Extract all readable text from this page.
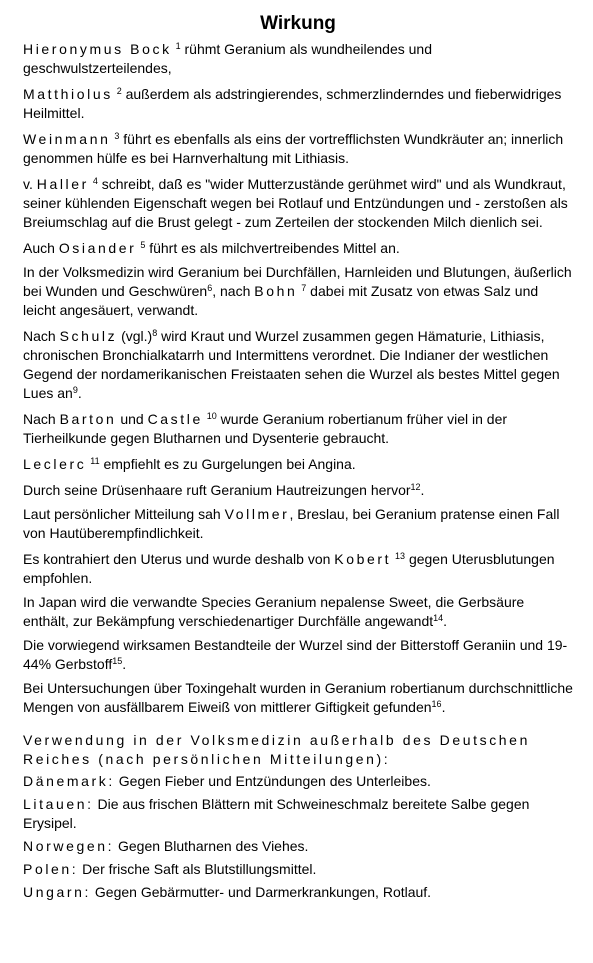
Wirkung

Hieronymus Bock $^1$ rühmt Geranium als wundheilendes und geschwulstzerteilendes,

Matthiolus $^2$ außerdem als adstringierendes, schmerzlinderndes und fieberwidriges Heilmittel.

Weinmann $^3$ führt es ebenfalls als eins der vortrefflichsten Wundkräuter an; innerlich genommen hülfe es bei Harnverhaltung mit Lithiasis.

v. Haller $^4$ schreibt, daß es "wider Mutterzustände gerühmet wird" und als Wundkraut, seiner kühlenden Eigenschaft wegen bei Rotlauf und Entzündungen und - zerstoßen als Breiumschlag auf die Brust gelegt - zum Zerteilen der stockenden Milch dienlich sei.

Auch Osiander $^5$ führt es als milchvertreibendes Mittel an.

In der Volksmedizin wird Geranium bei Durchfällen, Harnleiden und Blutungen, äußerlich bei Wunden und Geschwüren$^6$, nach Bohn $^7$ dabei mit Zusatz von etwas Salz und leicht angesäuert, verwandt.

Nach Schulz $(vgl.)^8$ wird Kraut und Wurzel zusammen gegen Hämaturie, Lithiasis, chronischen Bronchialkatarrh und Intermittens verordnet. Die Indianer der westlichen Gegend der nordamerikanischen Freistaaten sehen die Wurzel als bestes Mittel gegen Lues $an^9$.

Nach Barton und Castle $^{10}$ wurde Geranium robertianum früher viel in der Tierheilkunde gegen Blutharnen und Dysenterie gebraucht.

Leclerc $^{11}$ empfiehlt es zu Gurgelungen bei Angina.

Durch seine Drüsenhaare ruft Geranium Hautreizungen hervor$^{12}$.

Laut persönlicher Mitteilung sah Vollmer, Breslau, bei Geranium pratense einen Fall von Hautüberempfindlichkeit.

Es kontrahiert den Uterus und wurde deshalb von Kobert $^{13}$ gegen Uterusblutungen empfohlen.

In Japan wird die verwandte Species Geranium nepalense Sweet, die Gerbsäure enthält, zur Bekämpfung verschiedenartiger Durchfälle angewandt$^{14}$.

Die vorwiegend wirksamen Bestandteile der Wurzel sind der Bitterstoff Geraniin und 19-44% Gerbstoff$^{15}$.

Bei Untersuchungen über Toxingehalt wurden in Geranium robertianum durchschnittliche Mengen von ausfällbarem Eiweiß von mittlerer Giftigkeit gefunden$^{16}$.

Verwendung in der Volksmedizin außerhalb des Deutschen Reiches (nach persönlichen Mitteilungen):

Dänemark: Gegen Fieber und Entzündungen des Unterleibes.

Litauen: Die aus frischen Blättern mit Schweineschmalz bereitete Salbe gegen Erysipel.

Norwegen: Gegen Blutharnen des Viehes.

Polen: Der frische Saft als Blutstillungsmittel.

Ungarn: Gegen Gebärmutter- und Darmerkrankungen, Rotlauf.
